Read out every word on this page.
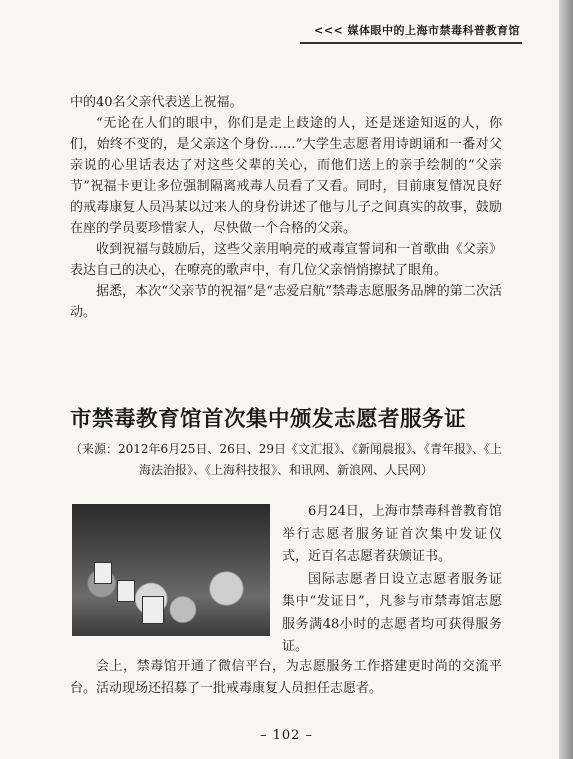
<<< 媒体眼中的上海市禁毒科普教育馆

中的40名父亲代表送上祝福。

“无论在人们的眼中，你们是走上歧途的人，还是迷途知返的人，你们，始终不变的，是父亲这个身份……”大学生志愿者用诗朗诵和一番对父亲说的心里话表达了对这些父辈的关心，而他们送上的亲手绘制的“父亲节”祝福卡更让多位强制隔离戒毒人员看了又看。同时，目前康复情况良好的戒毒康复人员冯某以过来人的身份讲述了他与儿子之间真实的故事，鼓励在座的学员要珍惜家人，尽快做一个合格的父亲。

收到祝福与鼓励后，这些父亲用响亮的戒毒宣誓词和一首歌曲《父亲》表达自己的决心，在嘹亮的歌声中，有几位父亲悄悄擦拭了眼角。

据悉，本次“父亲节的祝福”是“志爱启航”禁毒志愿服务品牌的第二次活动。

市禁毒教育馆首次集中颁发志愿者服务证
（来源：2012年6月25日、26日、29日《文汇报》、《新闻晨报》、《青年报》、《上海法治报》、《上海科技报》、和讯网、新浪网、人民网）

6月24日，上海市禁毒科普教育馆举行志愿者服务证首次集中发证仪式，近百名志愿者获颁证书。

国际志愿者日设立志愿者服务证集中“发证日”，凡参与市禁毒馆志愿服务满48小时的志愿者均可获得服务证。

会上，禁毒馆开通了微信平台，为志愿服务工作搭建更时尚的交流平台。活动现场还招募了一批戒毒康复人员担任志愿者。

– 102 –
